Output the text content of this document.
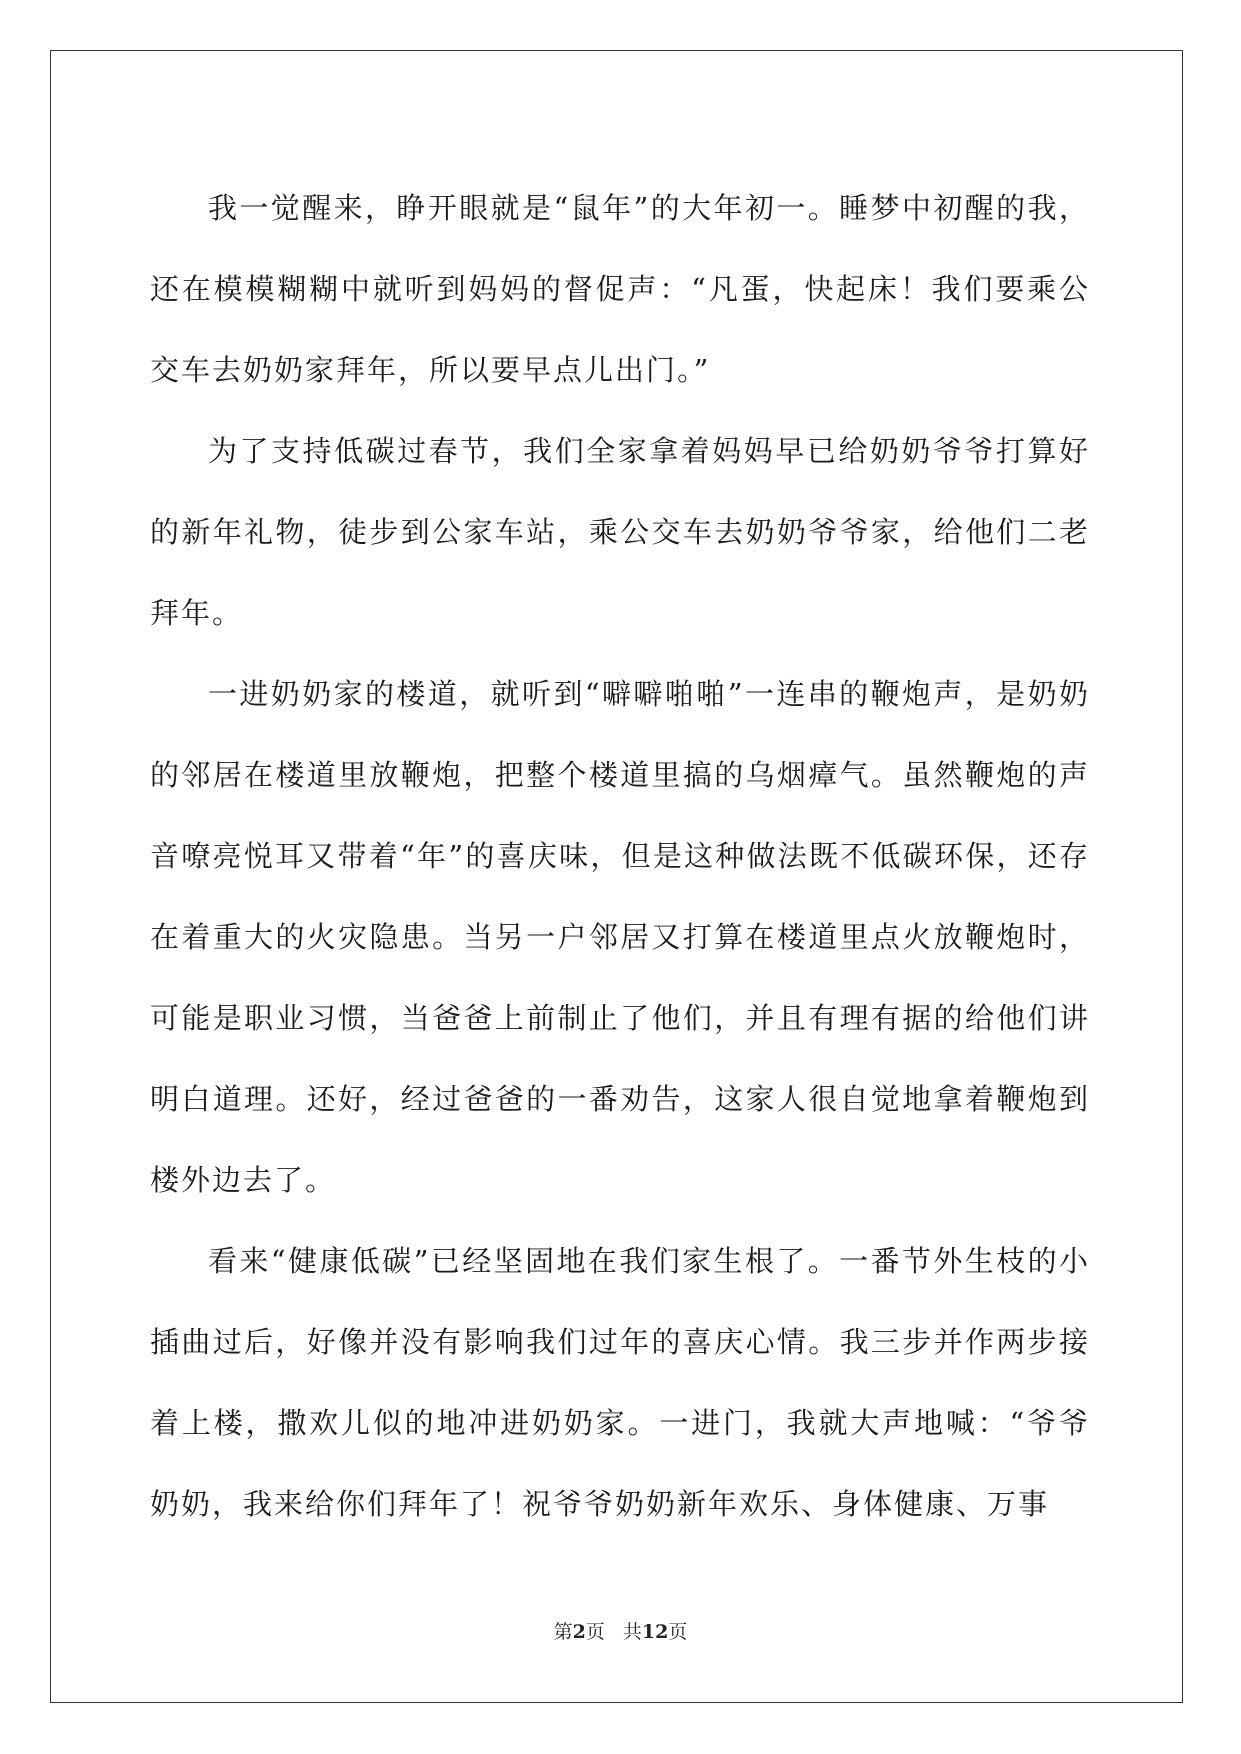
我一觉醒来，睁开眼就是“鼠年”的大年初一。睡梦中初醒的我，还在模模糊糊中就听到妈妈的督促声：“凡蛋，快起床！我们要乘公交车去奶奶家拜年，所以要早点儿出门。”

为了支持低碳过春节，我们全家拿着妈妈早已给奶奶爷爷打算好的新年礼物，徒步到公家车站，乘公交车去奶奶爷爷家，给他们二老拜年。

一进奶奶家的楼道，就听到“噼噼啪啪”一连串的鞭炮声，是奶奶的邻居在楼道里放鞭炮，把整个楼道里搞的乌烟瘴气。虽然鞭炮的声音嘹亮悦耳又带着“年”的喜庆味，但是这种做法既不低碳环保，还存在着重大的火灾隐患。当另一户邻居又打算在楼道里点火放鞭炮时，可能是职业习惯，当爸爸上前制止了他们，并且有理有据的给他们讲明白道理。还好，经过爸爸的一番劝告，这家人很自觉地拿着鞭炮到楼外边去了。

看来“健康低碳”已经坚固地在我们家生根了。一番节外生枝的小插曲过后，好像并没有影响我们过年的喜庆心情。我三步并作两步接着上楼，撒欢儿似的地冲进奶奶家。一进门，我就大声地喊：“爷爷奶奶，我来给你们拜年了！祝爷爷奶奶新年欢乐、身体健康、万事

第2页 共12页
